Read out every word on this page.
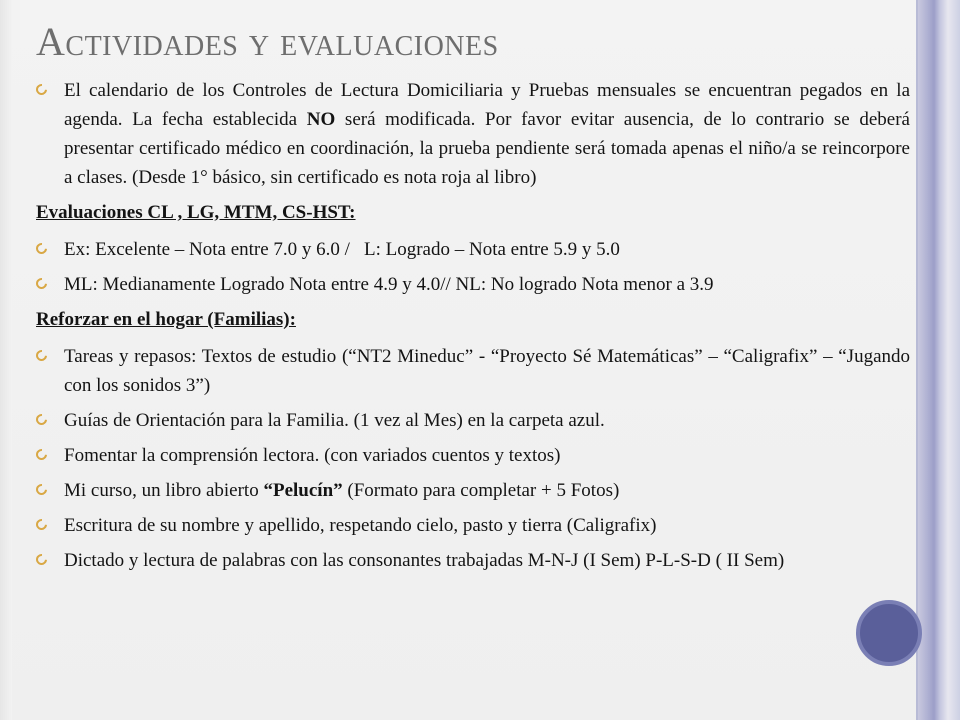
Actividades y evaluaciones
El calendario de los Controles de Lectura Domiciliaria y Pruebas mensuales se encuentran pegados en la agenda. La fecha establecida NO será modificada. Por favor evitar ausencia, de lo contrario se deberá presentar certificado médico en coordinación, la prueba pendiente será tomada apenas el niño/a se reincorpore a clases. (Desde 1° básico, sin certificado es nota roja al libro)
Evaluaciones CL , LG, MTM, CS-HST:
Ex: Excelente – Nota entre 7.0 y 6.0 / L: Logrado – Nota entre 5.9 y 5.0
ML: Medianamente Logrado Nota entre 4.9 y 4.0// NL: No logrado Nota menor a 3.9
Reforzar en el hogar (Familias):
Tareas y repasos: Textos de estudio (“NT2 Mineduc” - “Proyecto Sé Matemáticas” – “Caligrafix” – “Jugando con los sonidos 3”)
Guías de Orientación para la Familia. (1 vez al Mes) en la carpeta azul.
Fomentar la comprensión lectora. (con variados cuentos y textos)
Mi curso, un libro abierto “Pelucín” (Formato para completar + 5 Fotos)
Escritura de su nombre y apellido, respetando cielo, pasto y tierra (Caligrafix)
Dictado y lectura de palabras con las consonantes trabajadas M-N-J (I Sem) P-L-S-D ( II Sem)
